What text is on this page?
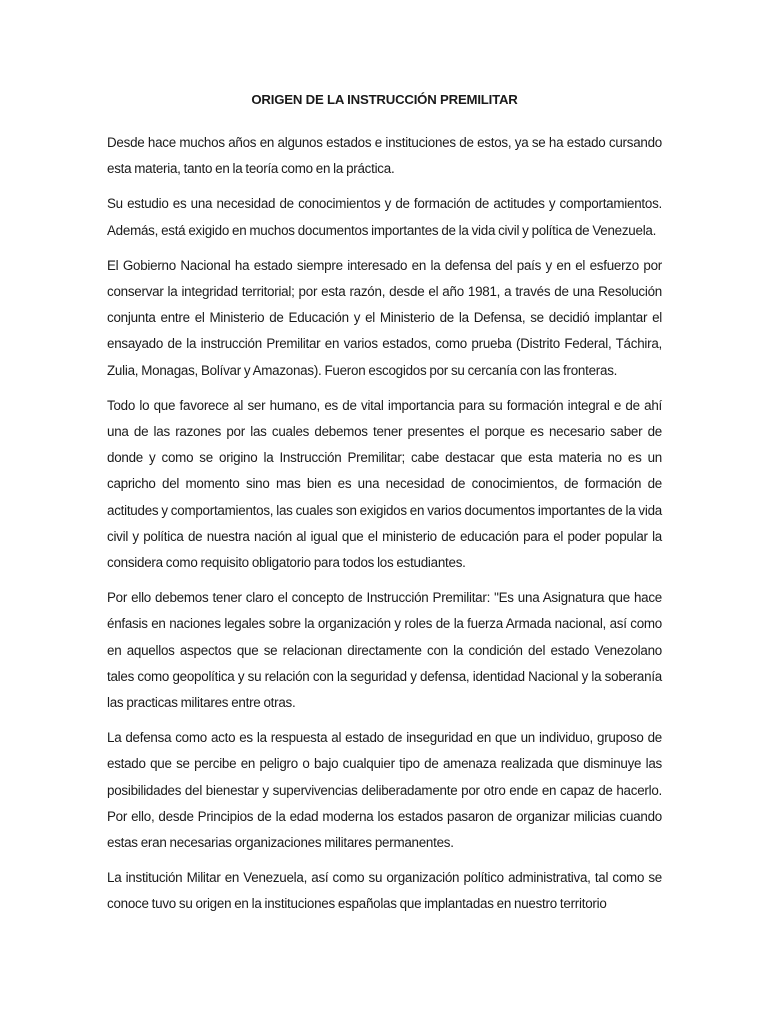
ORIGEN DE LA INSTRUCCIÓN PREMILITAR

Desde hace muchos años en algunos estados e instituciones de estos, ya se ha estado cursando esta materia, tanto en la teoría como en la práctica.

Su estudio es una necesidad de conocimientos y de formación de actitudes y comportamientos. Además, está exigido en muchos documentos importantes de la vida civil y política de Venezuela.

El Gobierno Nacional ha estado siempre interesado en la defensa del país y en el esfuerzo por conservar la integridad territorial; por esta razón, desde el año 1981, a través de una Resolución conjunta entre el Ministerio de Educación y el Ministerio de la Defensa, se decidió implantar el ensayado de la instrucción Premilitar en varios estados, como prueba (Distrito Federal, Táchira, Zulia, Monagas, Bolívar y Amazonas). Fueron escogidos por su cercanía con las fronteras.

Todo lo que favorece al ser humano, es de vital importancia para su formación integral e de ahí una de las razones por las cuales debemos tener presentes el porque es necesario saber de donde y como se origino la Instrucción Premilitar; cabe destacar que esta materia no es un capricho del momento sino mas bien es una necesidad de conocimientos, de formación de actitudes y comportamientos, las cuales son exigidos en varios documentos importantes de la vida civil y política de nuestra nación al igual que el ministerio de educación para el poder popular la considera como requisito obligatorio para todos los estudiantes.

Por ello debemos tener claro el concepto de Instrucción Premilitar: "Es una Asignatura que hace énfasis en naciones legales sobre la organización y roles de la fuerza Armada nacional, así como en aquellos aspectos que se relacionan directamente con la condición del estado Venezolano tales como geopolítica y su relación con la seguridad y defensa, identidad Nacional y la soberanía las practicas militares entre otras.

La defensa como acto es la respuesta al estado de inseguridad en que un individuo, gruposo de estado que se percibe en peligro o bajo cualquier tipo de amenaza realizada que disminuye las posibilidades del bienestar y supervivencias deliberadamente por otro ende en capaz de hacerlo. Por ello, desde Principios de la edad moderna los estados pasaron de organizar milicias cuando estas eran necesarias organizaciones militares permanentes.

La institución Militar en Venezuela, así como su organización político administrativa, tal como se conoce tuvo su origen en la instituciones españolas que implantadas en nuestro territorio
